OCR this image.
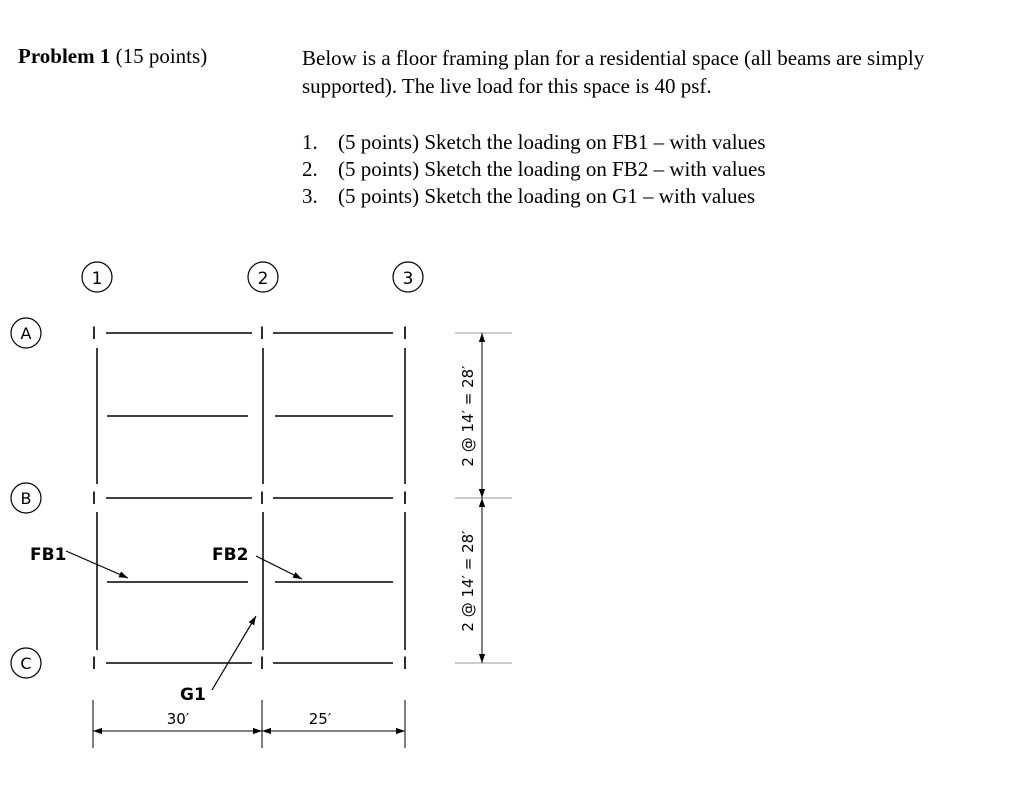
Problem 1 (15 points)	Below is a floor framing plan for a residential space (all beams are simply supported). The live load for this space is 40 psf.
1. (5 points) Sketch the loading on FB1 – with values
2. (5 points) Sketch the loading on FB2 – with values
3. (5 points) Sketch the loading on G1 – with values
1	2	3
A
B
C
I	I	I
I	I	I
I	I	I
FB1	FB2
G1
30′	25′
2 @ 14′ = 28′
2 @ 14′ = 28′
